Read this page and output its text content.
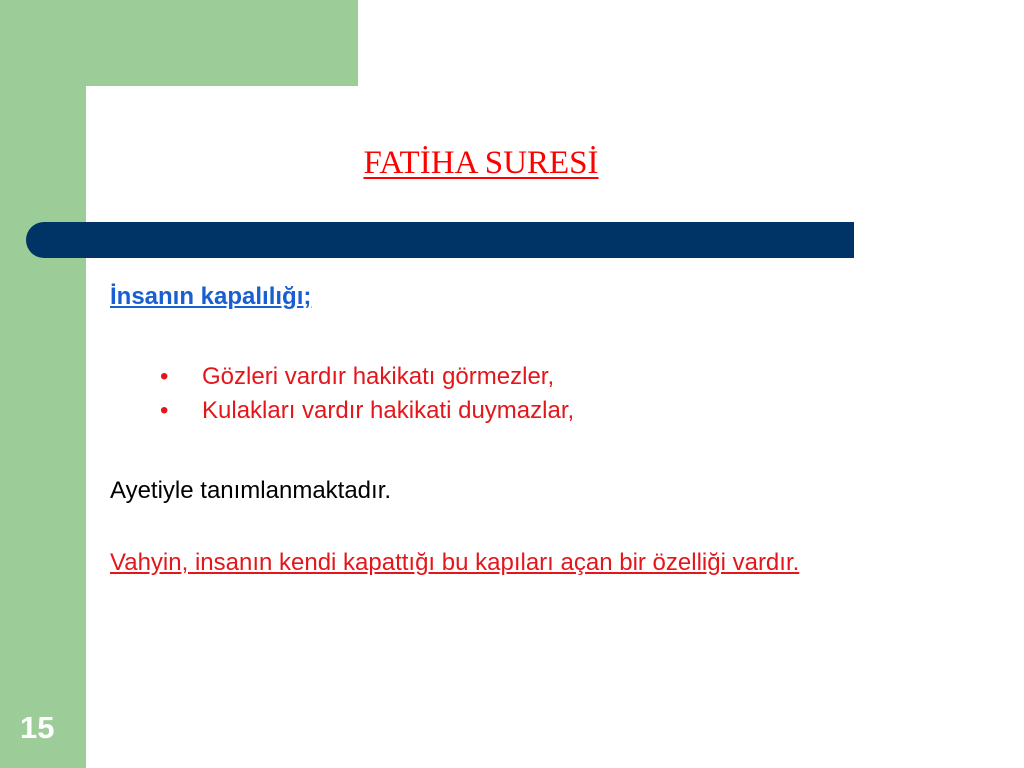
FATİHA SURESİ
İnsanın kapalılığı;
• Gözleri vardır hakikatı görmezler,
• Kulakları vardır hakikati duymazlar,
Ayetiyle tanımlanmaktadır.
Vahyin, insanın kendi kapattığı bu kapıları açan bir özelliği vardır.
15
